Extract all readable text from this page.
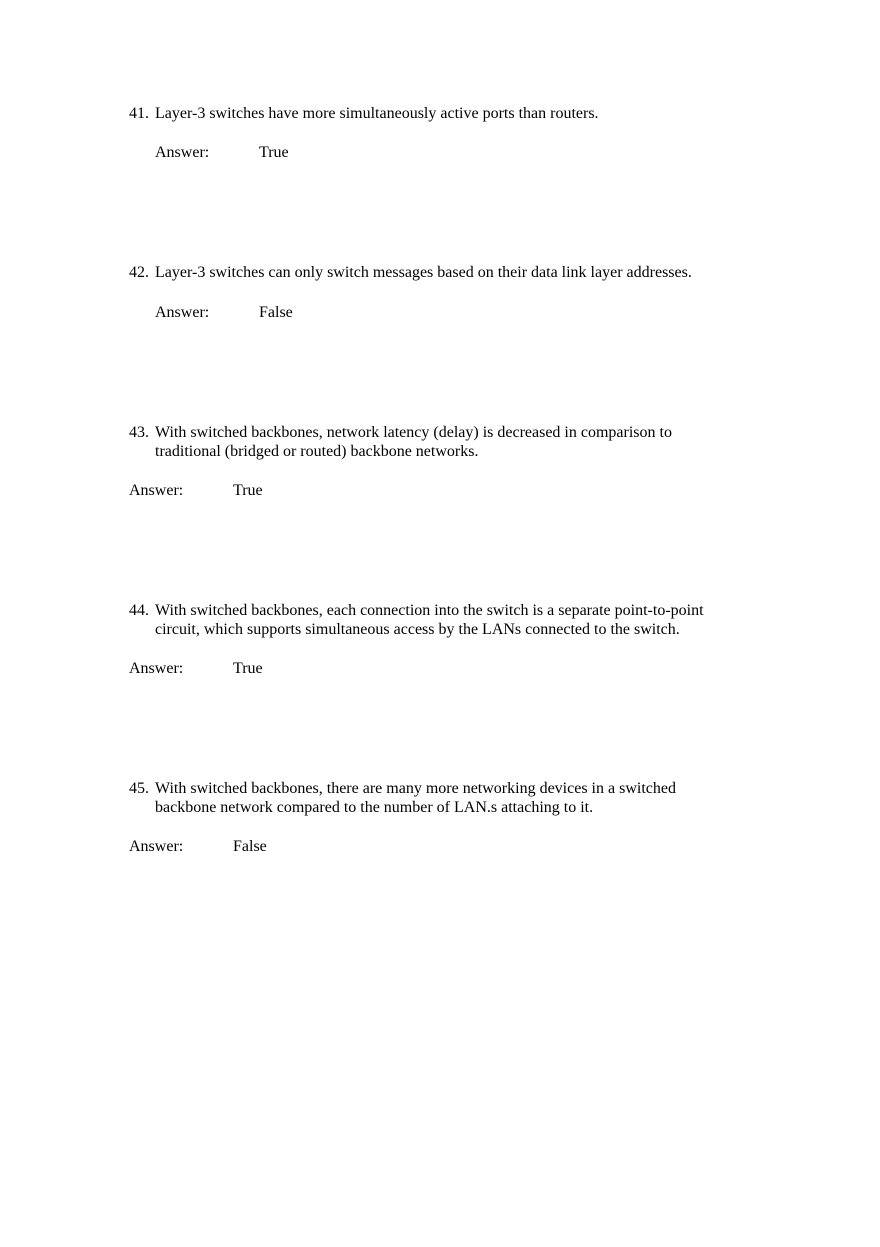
41. Layer-3 switches have more simultaneously active ports than routers.

Answer:	True

42. Layer-3 switches can only switch messages based on their data link layer addresses.

Answer:	False

43. With switched backbones, network latency (delay) is decreased in comparison to
traditional (bridged or routed) backbone networks.

Answer:	True

44. With switched backbones, each connection into the switch is a separate point-to-point
circuit, which supports simultaneous access by the LANs connected to the switch.

Answer:	True

45. With switched backbones, there are many more networking devices in a switched
backbone network compared to the number of LAN.s attaching to it.

Answer:	False
